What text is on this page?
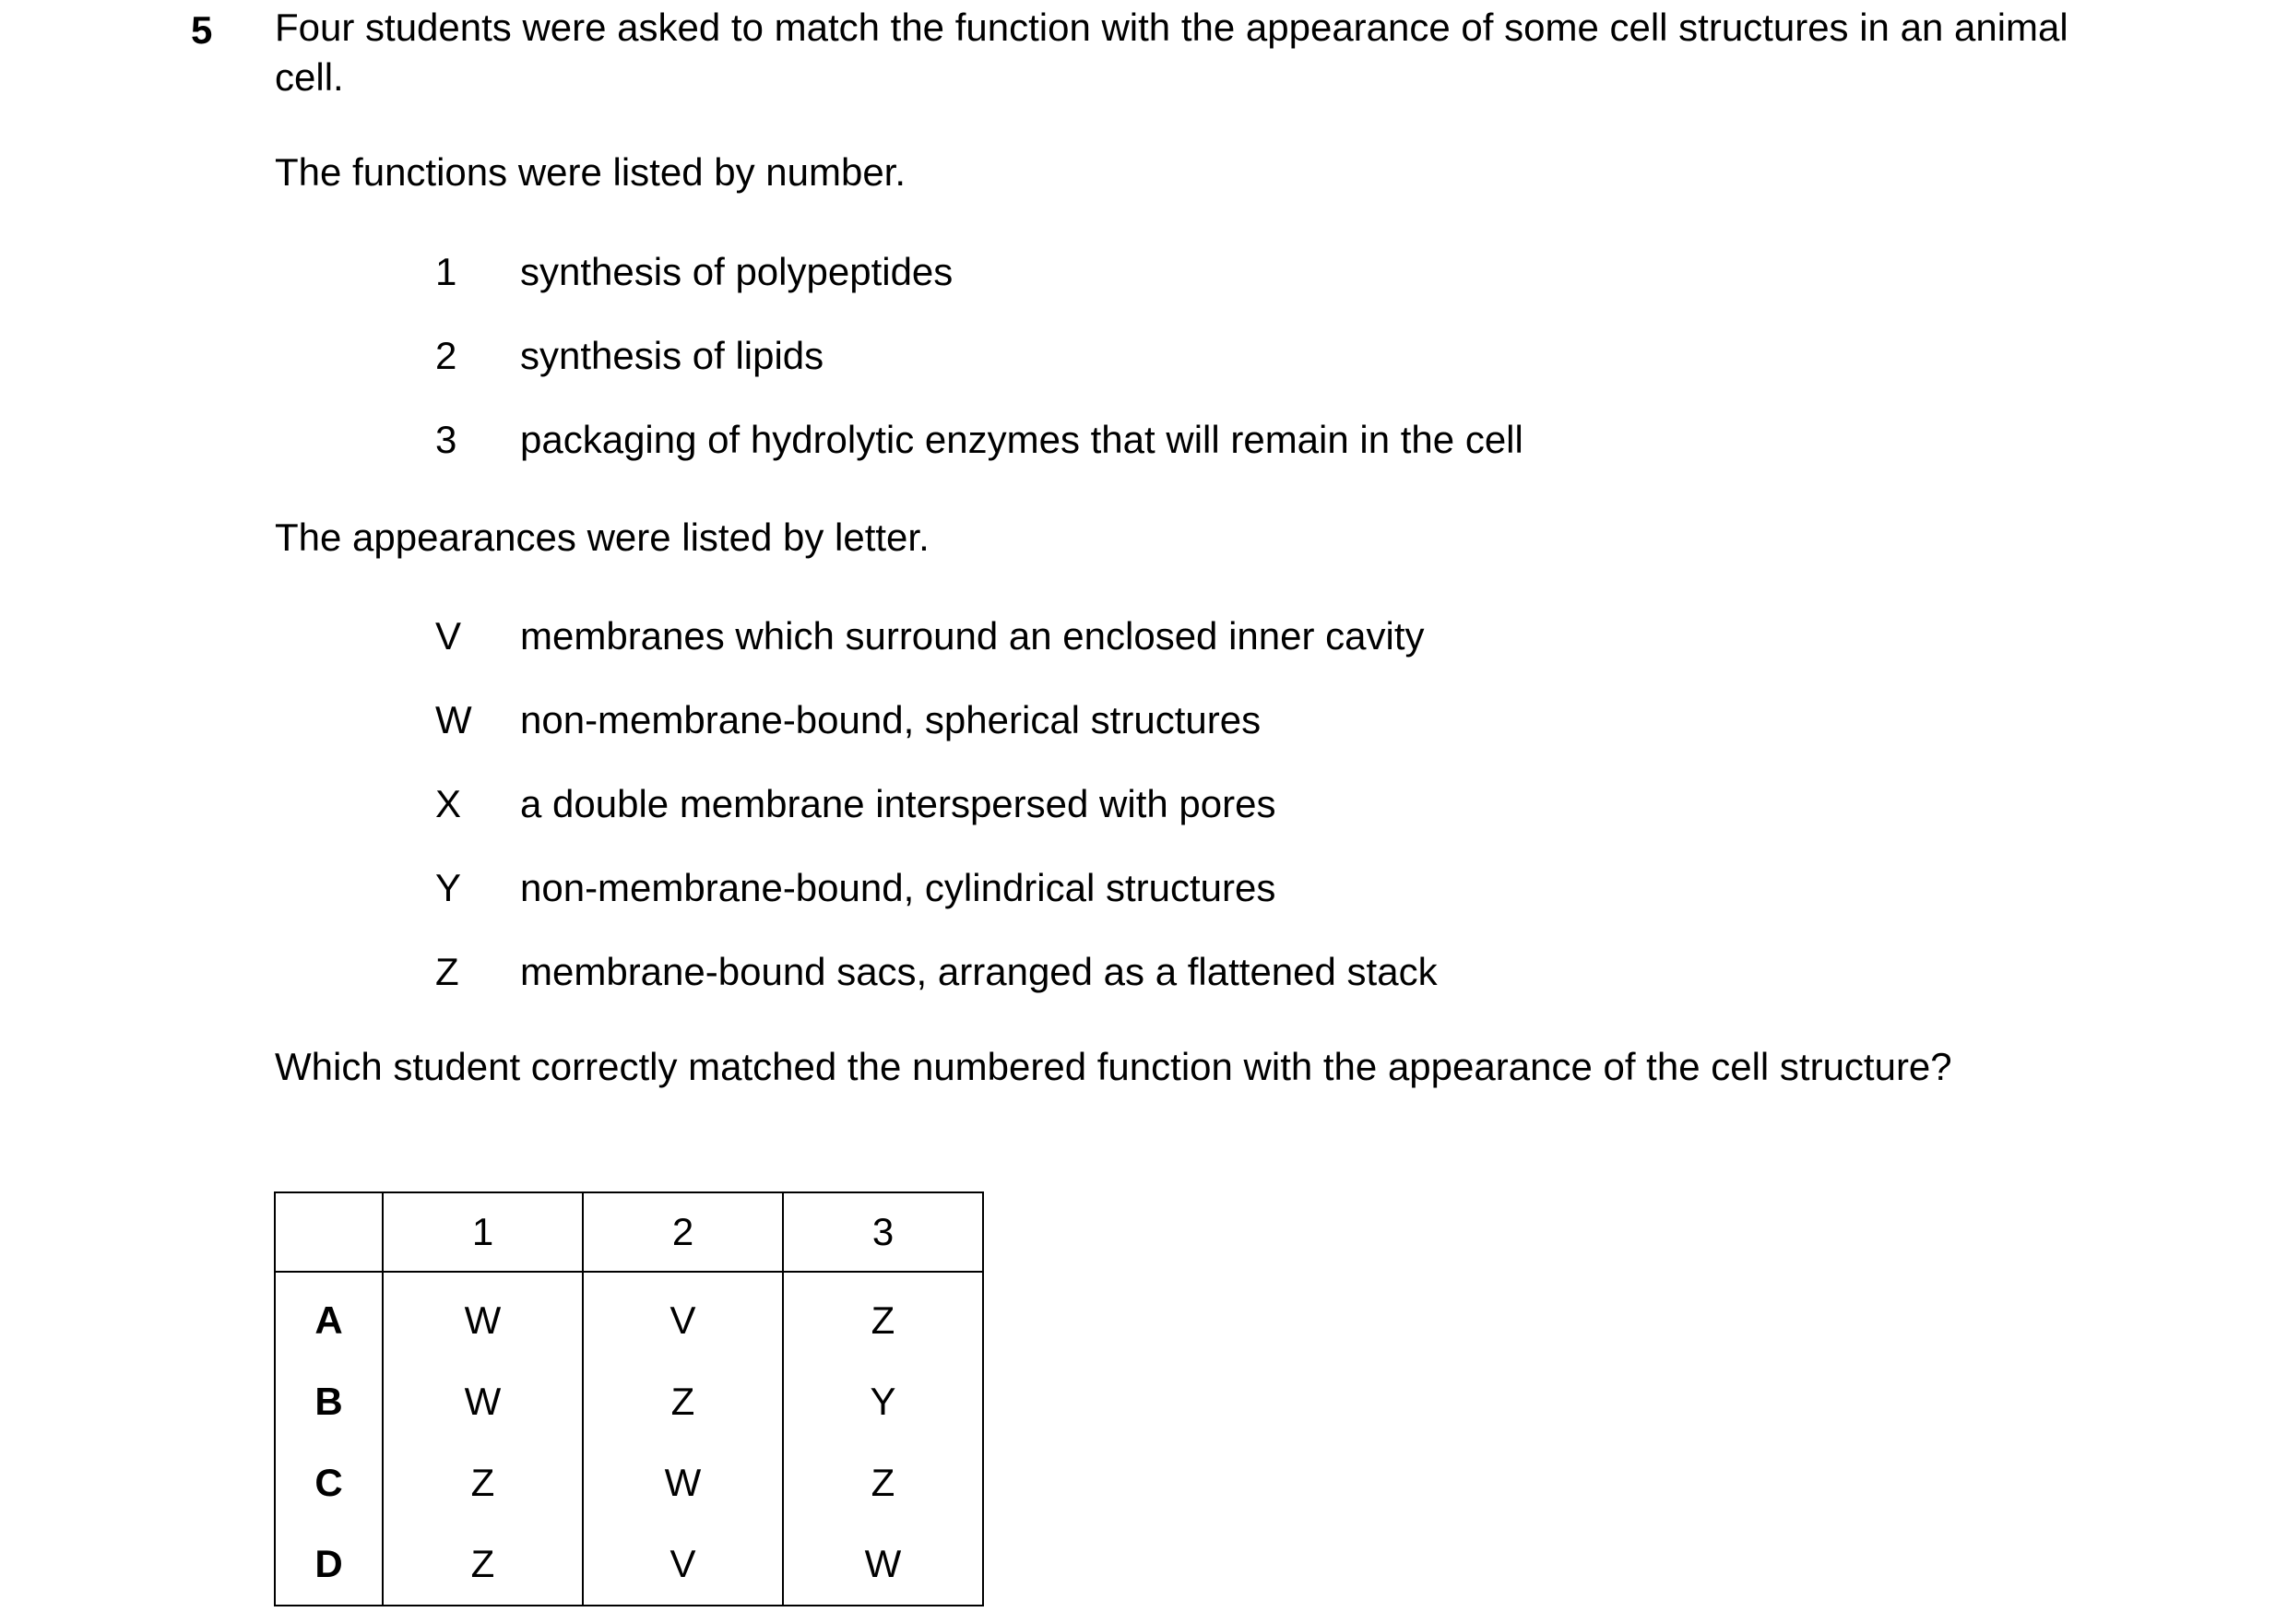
5 Four students were asked to match the function with the appearance of some cell structures in an animal cell.
The functions were listed by number.
1	synthesis of polypeptides
2	synthesis of lipids
3	packaging of hydrolytic enzymes that will remain in the cell
The appearances were listed by letter.
V	membranes which surround an enclosed inner cavity
W	non-membrane-bound, spherical structures
X	a double membrane interspersed with pores
Y	non-membrane-bound, cylindrical structures
Z	membrane-bound sacs, arranged as a flattened stack
Which student correctly matched the numbered function with the appearance of the cell structure?
	1	2	3
A	W	V	Z
B	W	Z	Y
C	Z	W	Z
D	Z	V	W
